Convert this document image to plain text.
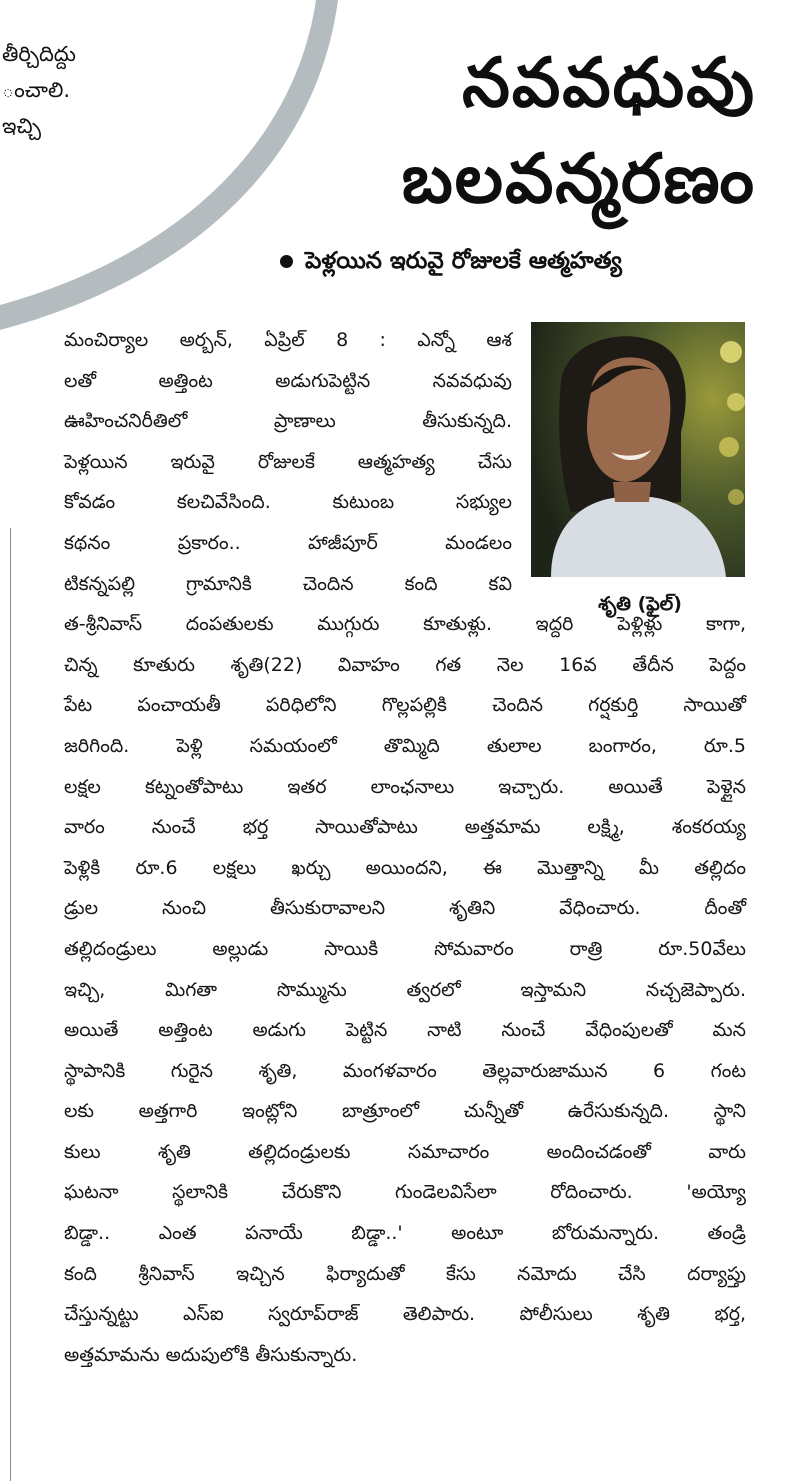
తీర్చిదిద్దు
ంచాలి.
ఇచ్చి
నవవధువు
బలవన్మరణం
పెళ్లయిన ఇరువై రోజులకే ఆత్మహత్య
శృతి (ఫైల్)
మంచిర్యాల అర్బన్, ఏప్రిల్ 8 : ఎన్నో ఆశ
లతో అత్తింట అడుగుపెట్టిన నవవధువు
ఊహించనిరీతిలో ప్రాణాలు తీసుకున్నది.
పెళ్లయిన ఇరువై రోజులకే ఆత్మహత్య చేసు
కోవడం కలచివేసింది. కుటుంబ సభ్యుల
కథనం ప్రకారం.. హాజీపూర్ మండలం
టికన్నపల్లి గ్రామానికి చెందిన కంది కవి
త-శ్రీనివాస్ దంపతులకు ముగ్గురు కూతుళ్లు. ఇద్దరి పెళ్లిళ్లు కాగా,
చిన్న కూతురు శృతి(22) వివాహం గత నెల 16వ తేదీన పెద్దం
పేట పంచాయతీ పరిధిలోని గొల్లపల్లికి చెందిన గర్షకుర్తి సాయితో
జరిగింది. పెళ్లి సమయంలో తొమ్మిది తులాల బంగారం, రూ.5
లక్షల కట్నంతోపాటు ఇతర లాంఛనాలు ఇచ్చారు. అయితే పెళ్లైన
వారం నుంచే భర్త సాయితోపాటు అత్తమామ లక్ష్మి, శంకరయ్య
పెళ్లికి రూ.6 లక్షలు ఖర్చు అయిందని, ఈ మొత్తాన్ని మీ తల్లిదం
డ్రుల నుంచి తీసుకురావాలని శృతిని వేధించారు. దీంతో
తల్లిదండ్రులు అల్లుడు సాయికి సోమవారం రాత్రి రూ.50వేలు
ఇచ్చి, మిగతా సొమ్మును త్వరలో ఇస్తామని నచ్చజెప్పారు.
అయితే అత్తింట అడుగు పెట్టిన నాటి నుంచే వేధింపులతో మన
స్థాపానికి గురైన శృతి, మంగళవారం తెల్లవారుజామున 6 గంట
లకు అత్తగారి ఇంట్లోని బాత్రూంలో చున్నీతో ఉరేసుకున్నది. స్థాని
కులు శృతి తల్లిదండ్రులకు సమాచారం అందించడంతో వారు
ఘటనా స్థలానికి చేరుకొని గుండెలవిసేలా రోదించారు. 'అయ్యో
బిడ్డా.. ఎంత పనాయే బిడ్డా..' అంటూ బోరుమన్నారు. తండ్రి
కంది శ్రీనివాస్ ఇచ్చిన ఫిర్యాదుతో కేసు నమోదు చేసి దర్యాప్తు
చేస్తున్నట్టు ఎస్ఐ స్వరూప్‌రాజ్ తెలిపారు. పోలీసులు శృతి భర్త,
అత్తమామను అదుపులోకి తీసుకున్నారు.
